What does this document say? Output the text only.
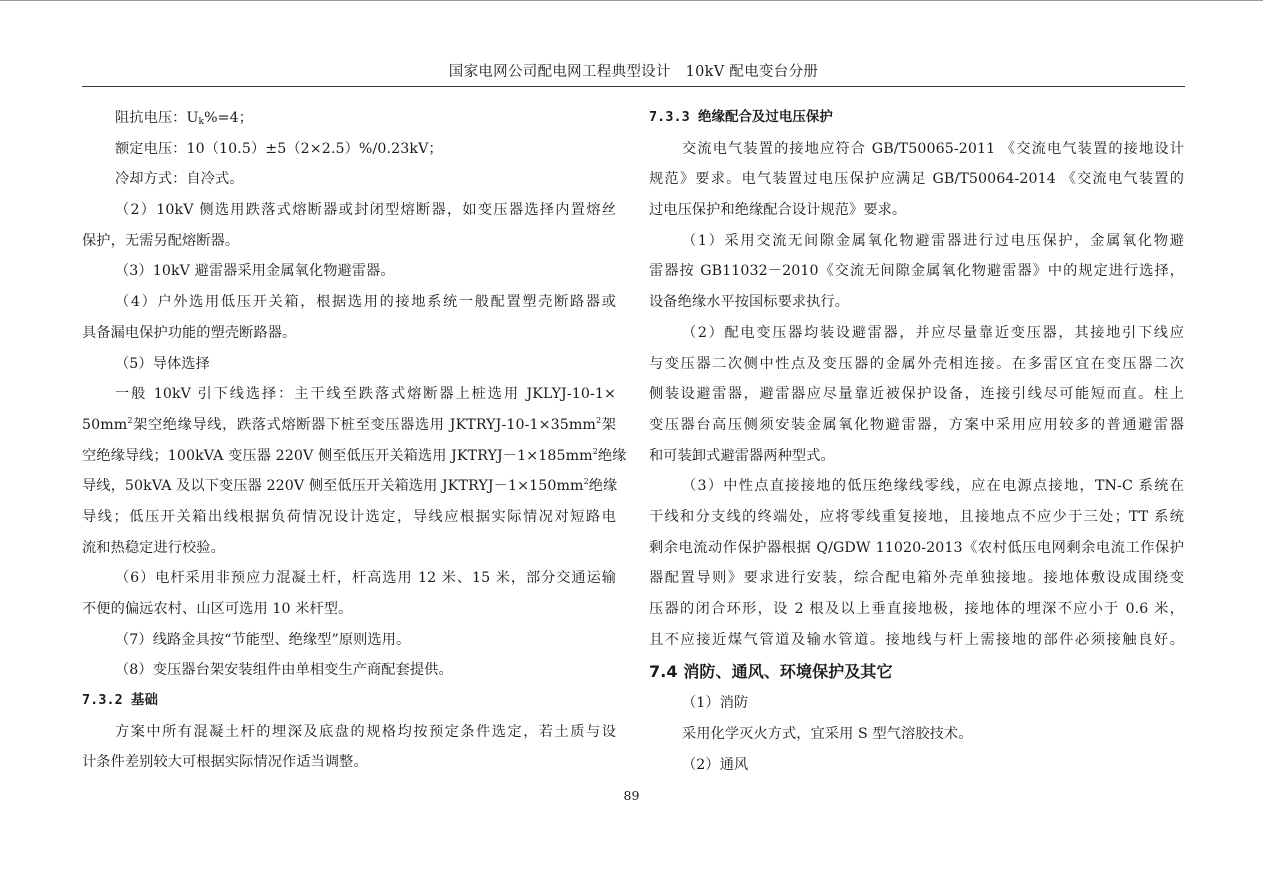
国家电网公司配电网工程典型设计　10kV 配电变台分册
阻抗电压：$U_k\%=4$；
额定电压：10（10.5）±5（2×2.5）%/0.23kV；
冷却方式：自冷式。
（2）10kV 侧选用跌落式熔断器或封闭型熔断器，如变压器选择内置熔丝
保护，无需另配熔断器。
（3）10kV 避雷器采用金属氧化物避雷器。
（4）户外选用低压开关箱，根据选用的接地系统一般配置塑壳断路器或
具备漏电保护功能的塑壳断路器。
（5）导体选择
一般 10kV 引下线选择：主干线至跌落式熔断器上桩选用 JKLYJ-10-1×
$50mm^2$架空绝缘导线，跌落式熔断器下桩至变压器选用 JKTRYJ-$10-1\times 35mm^2$架
空绝缘导线；100kVA 变压器 220V 侧至低压开关箱选用 $JKTRYJ-1\times 185mm^2$绝缘
导线，50kVA 及以下变压器 220V 侧至低压开关箱选用 $JKTRYJ-1\times 150mm^2$绝缘
导线；低压开关箱出线根据负荷情况设计选定，导线应根据实际情况对短路电
流和热稳定进行校验。
（6）电杆采用非预应力混凝土杆，杆高选用 12 米、15 米，部分交通运输
不便的偏远农村、山区可选用 10 米杆型。
（7）线路金具按“节能型、绝缘型”原则选用。
（8）变压器台架安装组件由单相变生产商配套提供。
7.3.2 基础
方案中所有混凝土杆的埋深及底盘的规格均按预定条件选定，若土质与设
计条件差别较大可根据实际情况作适当调整。
7.3.3 绝缘配合及过电压保护
交流电气装置的接地应符合 GB/T50065-2011 《交流电气装置的接地设计
规范》要求。电气装置过电压保护应满足 GB/T50064-2014 《交流电气装置的
过电压保护和绝缘配合设计规范》要求。
（1）采用交流无间隙金属氧化物避雷器进行过电压保护，金属氧化物避
雷器按 GB11032－2010《交流无间隙金属氧化物避雷器》中的规定进行选择，
设备绝缘水平按国标要求执行。
（2）配电变压器均装设避雷器，并应尽量靠近变压器，其接地引下线应
与变压器二次侧中性点及变压器的金属外壳相连接。在多雷区宜在变压器二次
侧装设避雷器，避雷器应尽量靠近被保护设备，连接引线尽可能短而直。柱上
变压器台高压侧须安装金属氧化物避雷器，方案中采用应用较多的普通避雷器
和可装卸式避雷器两种型式。
（3）中性点直接接地的低压绝缘线零线，应在电源点接地，TN-C 系统在
干线和分支线的终端处，应将零线重复接地，且接地点不应少于三处；TT 系统
剩余电流动作保护器根据 Q/GDW 11020-2013《农村低压电网剩余电流工作保护
器配置导则》要求进行安装，综合配电箱外壳单独接地。接地体敷设成围绕变
压器的闭合环形，设 2 根及以上垂直接地极，接地体的埋深不应小于 0.6 米，
且不应接近煤气管道及输水管道。接地线与杆上需接地的部件必须接触良好。
7.4 消防、通风、环境保护及其它
（1）消防
采用化学灭火方式，宜采用 S 型气溶胶技术。
（2）通风
89
